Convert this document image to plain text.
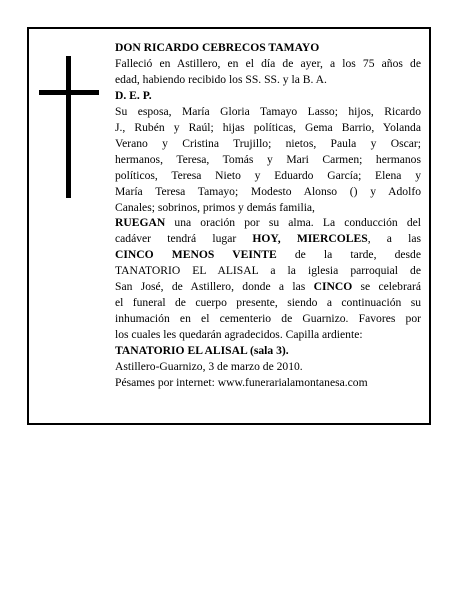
DON RICARDO CEBRECOS TAMAYO

Falleció en Astillero, en el día de ayer, a los 75 años de

edad, habiendo recibido los SS. SS. y la B. A.

D. E. P.

Su esposa, María Gloria Tamayo Lasso; hijos, Ricardo

J., Rubén y Raúl; hijas políticas, Gema Barrio, Yolanda

Verano y Cristina Trujillo; nietos, Paula y Oscar;

hermanos, Teresa, Tomás y Mari Carmen; hermanos

políticos, Teresa Nieto y Eduardo García; Elena y

María Teresa Tamayo; Modesto Alonso () y Adolfo

Canales; sobrinos, primos y demás familia,

RUEGAN una oración por su alma. La conducción del

cadáver tendrá lugar HOY, MIERCOLES, a las

CINCO MENOS VEINTE de la tarde, desde

TANATORIO EL ALISAL a la iglesia parroquial de

San José, de Astillero, donde a las CINCO se celebrará

el funeral de cuerpo presente, siendo a continuación su

inhumación en el cementerio de Guarnizo. Favores por

los cuales les quedarán agradecidos. Capilla ardiente:

TANATORIO EL ALISAL (sala 3).

Astillero-Guarnizo, 3 de marzo de 2010.

Pésames por internet: www.funerarialamontanesa.com
